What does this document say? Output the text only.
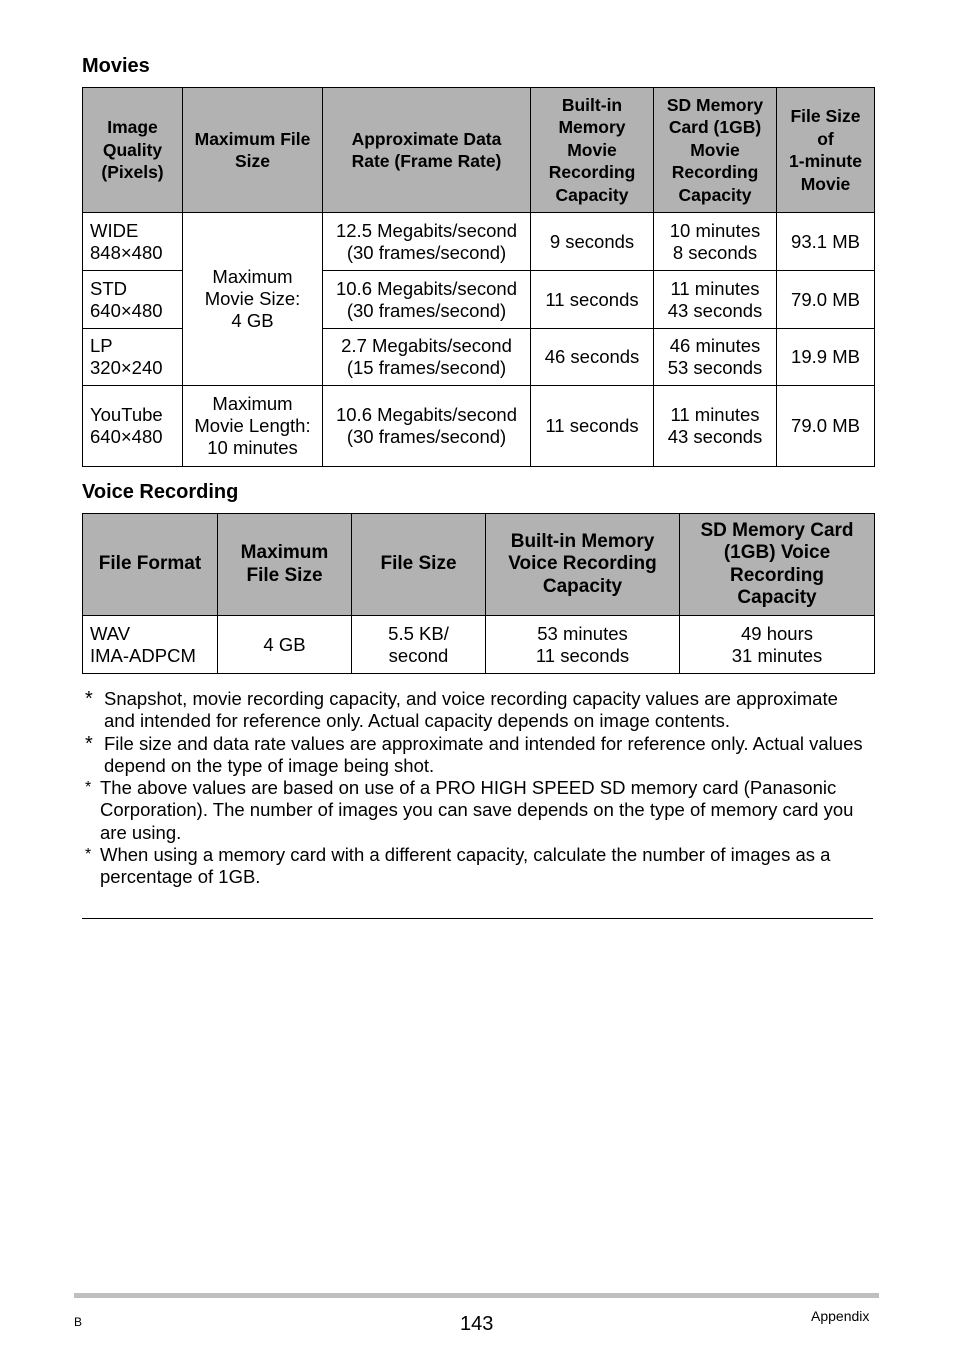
Movies
Image
Quality
(Pixels)	Maximum File
Size	Approximate Data
Rate (Frame Rate)	Built-in
Memory
Movie
Recording
Capacity	SD Memory
Card (1GB)
Movie
Recording
Capacity	File Size
of
1-minute
Movie

WIDE
848×480	Maximum
Movie Size:
4 GB	12.5 Megabits/second
(30 frames/second)	9 seconds	10 minutes
8 seconds	93.1 MB

STD
640×480		10.6 Megabits/second
(30 frames/second)	11 seconds	11 minutes
43 seconds	79.0 MB

LP
320×240		2.7 Megabits/second
(15 frames/second)	46 seconds	46 minutes
53 seconds	19.9 MB

YouTube
640×480	Maximum
Movie Length:
10 minutes	10.6 Megabits/second
(30 frames/second)	11 seconds	11 minutes
43 seconds	79.0 MB
Voice Recording
File Format	Maximum
File Size	File Size	Built-in Memory
Voice Recording
Capacity	SD Memory Card
(1GB) Voice
Recording
Capacity

WAV
IMA-ADPCM	4 GB	5.5 KB/
second	53 minutes
11 seconds	49 hours
31 minutes
* Snapshot, movie recording capacity, and voice recording capacity values are approximate and intended for reference only. Actual capacity depends on image contents.
* File size and data rate values are approximate and intended for reference only. Actual values depend on the type of image being shot.
* The above values are based on use of a PRO HIGH SPEED SD memory card (Panasonic Corporation). The number of images you can save depends on the type of memory card you are using.
* When using a memory card with a different capacity, calculate the number of images as a percentage of 1GB.
B	143	Appendix
